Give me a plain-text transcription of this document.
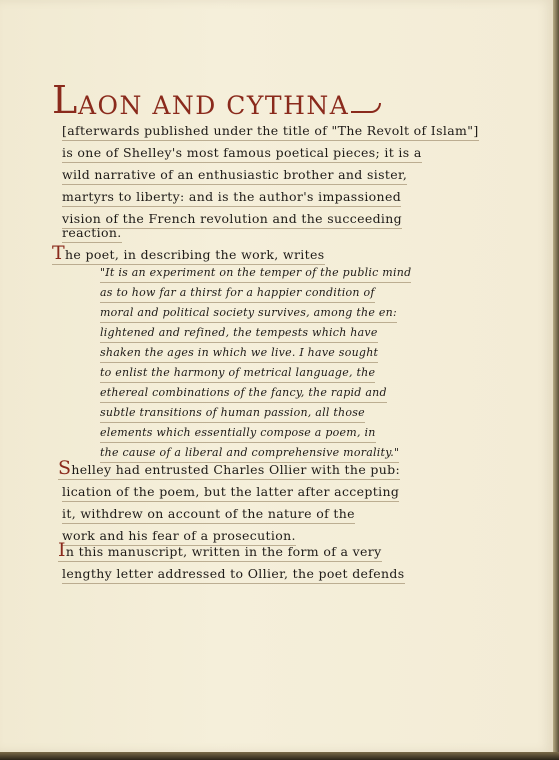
L AON AND CYTHNA
[afterwards published under the title of "The Revolt of Islam"]
is one of Shelley's most famous poetical pieces; it is a
wild narrative of an enthusiastic brother and sister,
martyrs to liberty: and is the author's impassioned
vision of the French revolution and the succeeding
reaction.
The poet, in describing the work, writes
"It is an experiment on the temper of the public mind
as to how far a thirst for a happier condition of
moral and political society survives, among the en:
lightened and refined, the tempests which have
shaken the ages in which we live. I have sought
to enlist the harmony of metrical language, the
ethereal combinations of the fancy, the rapid and
subtle transitions of human passion, all those
elements which essentially compose a poem, in
the cause of a liberal and comprehensive morality."
Shelley had entrusted Charles Ollier with the pub:
lication of the poem, but the latter after accepting
it, withdrew on account of the nature of the
work and his fear of a prosecution.
In this manuscript, written in the form of a very
lengthy letter addressed to Ollier, the poet defends
